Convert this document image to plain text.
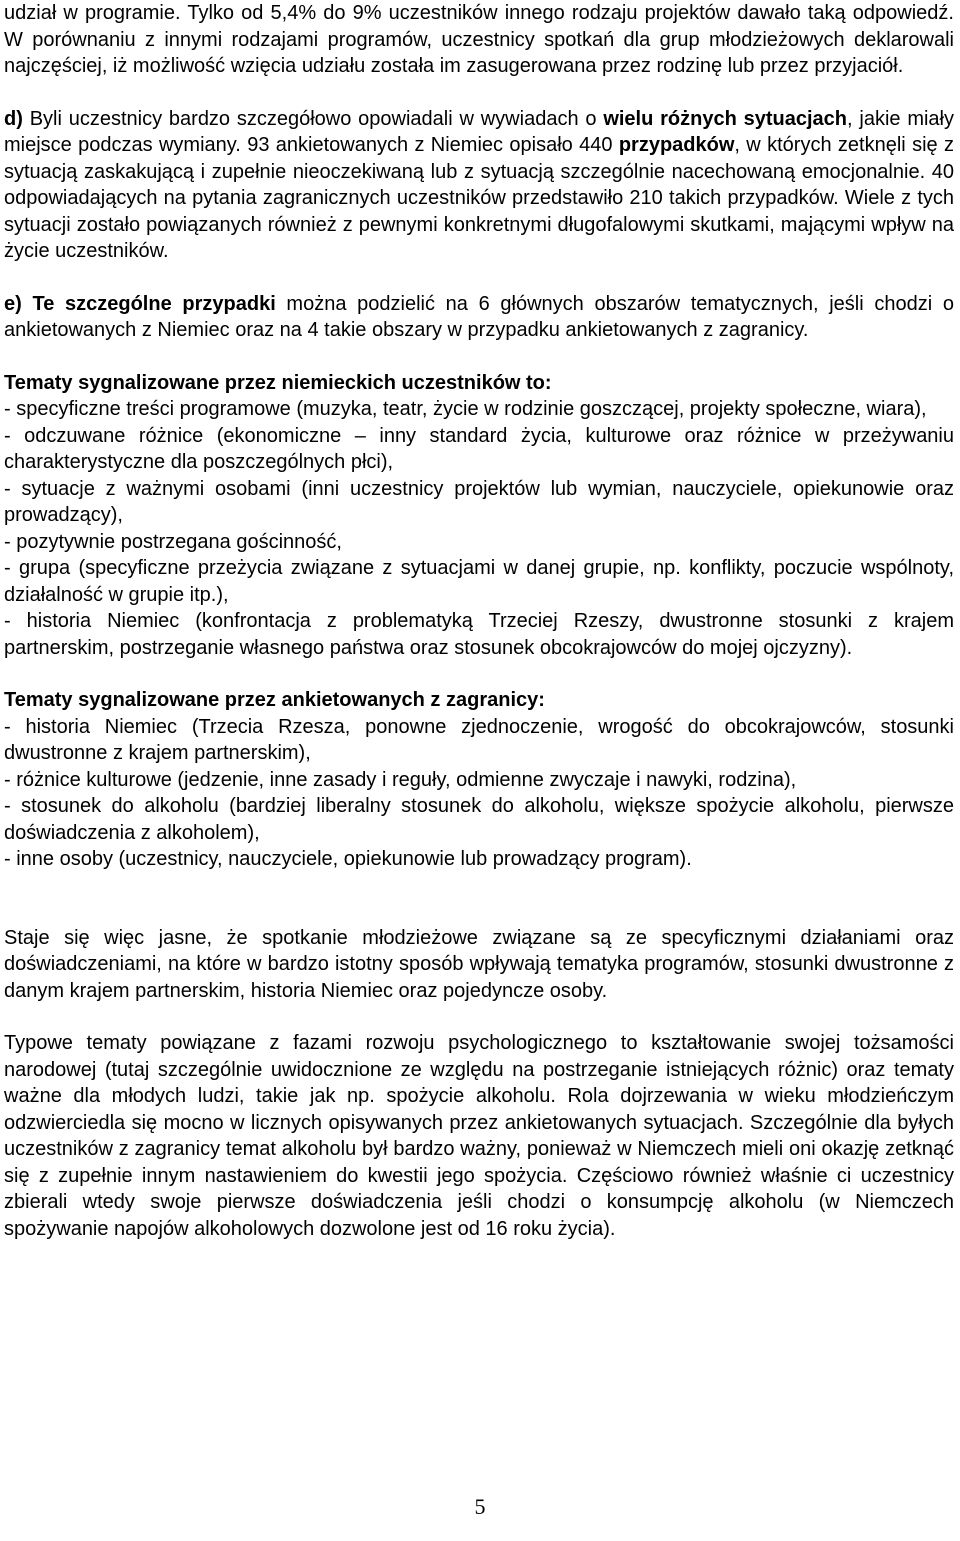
udział w programie. Tylko od 5,4% do 9% uczestników innego rodzaju projektów dawało taką odpowiedź. W porównaniu z innymi rodzajami programów, uczestnicy spotkań dla grup młodzieżowych deklarowali najczęściej, iż możliwość wzięcia udziału została im zasugerowana przez rodzinę lub przez przyjaciół.

d) Byli uczestnicy bardzo szczegółowo opowiadali w wywiadach o wielu różnych sytuacjach, jakie miały miejsce podczas wymiany. 93 ankietowanych z Niemiec opisało 440 przypadków, w których zetknęli się z sytuacją zaskakującą i zupełnie nieoczekiwaną lub z sytuacją szczególnie nacechowaną emocjonalnie. 40 odpowiadających na pytania zagranicznych uczestników przedstawiło 210 takich przypadków. Wiele z tych sytuacji zostało powiązanych również z pewnymi konkretnymi długofalowymi skutkami, mającymi wpływ na życie uczestników.

e) Te szczególne przypadki można podzielić na 6 głównych obszarów tematycznych, jeśli chodzi o ankietowanych z Niemiec oraz na 4 takie obszary w przypadku ankietowanych z zagranicy.

Tematy sygnalizowane przez niemieckich uczestników to:

- specyficzne treści programowe (muzyka, teatr, życie w rodzinie goszczącej, projekty społeczne, wiara),

- odczuwane różnice (ekonomiczne – inny standard życia, kulturowe oraz różnice w przeżywaniu charakterystyczne dla poszczególnych płci),

- sytuacje z ważnymi osobami (inni uczestnicy projektów lub wymian, nauczyciele, opiekunowie oraz prowadzący),

- pozytywnie postrzegana gościnność,

- grupa (specyficzne przeżycia związane z sytuacjami w danej grupie, np. konflikty, poczucie wspólnoty, działalność w grupie itp.),

- historia Niemiec (konfrontacja z problematyką Trzeciej Rzeszy, dwustronne stosunki z krajem partnerskim, postrzeganie własnego państwa oraz stosunek obcokrajowców do mojej ojczyzny).

Tematy sygnalizowane przez ankietowanych z zagranicy:

- historia Niemiec (Trzecia Rzesza, ponowne zjednoczenie, wrogość do obcokrajowców, stosunki dwustronne z krajem partnerskim),

- różnice kulturowe (jedzenie, inne zasady i reguły, odmienne zwyczaje i nawyki, rodzina),

- stosunek do alkoholu (bardziej liberalny stosunek do alkoholu, większe spożycie alkoholu, pierwsze doświadczenia z alkoholem),

- inne osoby (uczestnicy, nauczyciele, opiekunowie lub prowadzący program).

Staje się więc jasne, że spotkanie młodzieżowe związane są ze specyficznymi działaniami oraz doświadczeniami, na które w bardzo istotny sposób wpływają tematyka programów, stosunki dwustronne z danym krajem partnerskim, historia Niemiec oraz pojedyncze osoby.

Typowe tematy powiązane z fazami rozwoju psychologicznego to kształtowanie swojej tożsamości narodowej (tutaj szczególnie uwidocznione ze względu na postrzeganie istniejących różnic) oraz tematy ważne dla młodych ludzi, takie jak np. spożycie alkoholu. Rola dojrzewania w wieku młodzieńczym odzwierciedla się mocno w licznych opisywanych przez ankietowanych sytuacjach. Szczególnie dla byłych uczestników z zagranicy temat alkoholu był bardzo ważny, ponieważ w Niemczech mieli oni okazję zetknąć się z zupełnie innym nastawieniem do kwestii jego spożycia. Częściowo również właśnie ci uczestnicy zbierali wtedy swoje pierwsze doświadczenia jeśli chodzi o konsumpcję alkoholu (w Niemczech spożywanie napojów alkoholowych dozwolone jest od 16 roku życia).

5
